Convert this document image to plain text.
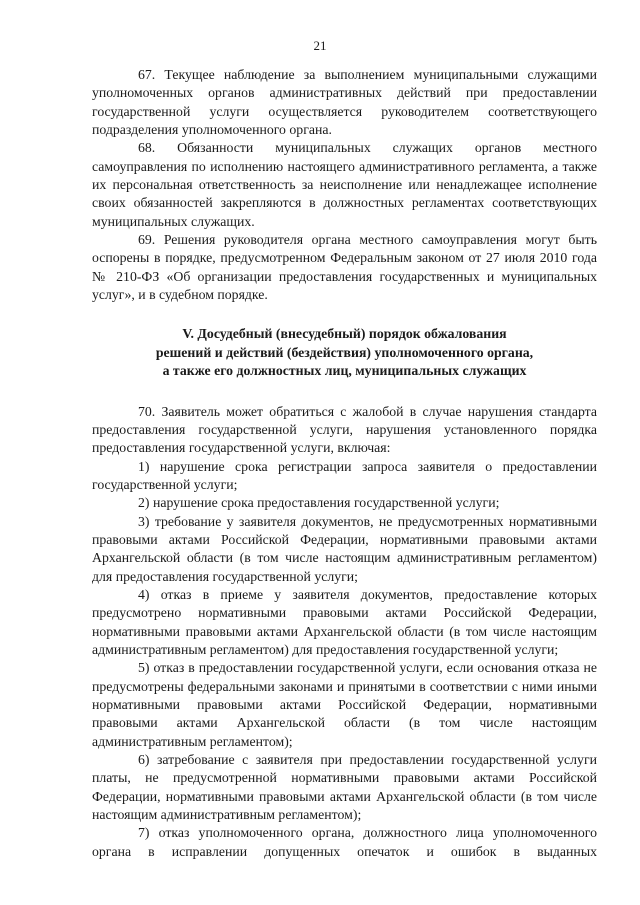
21

67. Текущее наблюдение за выполнением муниципальными служащими уполномоченных органов административных действий при предоставлении государственной услуги осуществляется руководителем соответствующего подразделения уполномоченного органа.

68. Обязанности муниципальных служащих органов местного самоуправления по исполнению настоящего административного регламента, а также их персональная ответственность за неисполнение или ненадлежащее исполнение своих обязанностей закрепляются в должностных регламентах соответствующих муниципальных служащих.

69. Решения руководителя органа местного самоуправления могут быть оспорены в порядке, предусмотренном Федеральным законом от 27 июля 2010 года № 210-ФЗ «Об организации предоставления государственных и муниципальных услуг», и в судебном порядке.

V. Досудебный (внесудебный) порядок обжалования
решений и действий (бездействия) уполномоченного органа,
а также его должностных лиц, муниципальных служащих

70. Заявитель может обратиться с жалобой в случае нарушения стандарта предоставления государственной услуги, нарушения установленного порядка предоставления государственной услуги, включая:

1) нарушение срока регистрации запроса заявителя о предоставлении государственной услуги;

2) нарушение срока предоставления государственной услуги;

3) требование у заявителя документов, не предусмотренных нормативными правовыми актами Российской Федерации, нормативными правовыми актами Архангельской области (в том числе настоящим административным регламентом) для предоставления государственной услуги;

4) отказ в приеме у заявителя документов, предоставление которых предусмотрено нормативными правовыми актами Российской Федерации, нормативными правовыми актами Архангельской области (в том числе настоящим административным регламентом) для предоставления государственной услуги;

5) отказ в предоставлении государственной услуги, если основания отказа не предусмотрены федеральными законами и принятыми в соответствии с ними иными нормативными правовыми актами Российской Федерации, нормативными правовыми актами Архангельской области (в том числе настоящим административным регламентом);

6) затребование с заявителя при предоставлении государственной услуги платы, не предусмотренной нормативными правовыми актами Российской Федерации, нормативными правовыми актами Архангельской области (в том числе настоящим административным регламентом);

7) отказ уполномоченного органа, должностного лица уполномоченного органа в исправлении допущенных опечаток и ошибок в выданных
